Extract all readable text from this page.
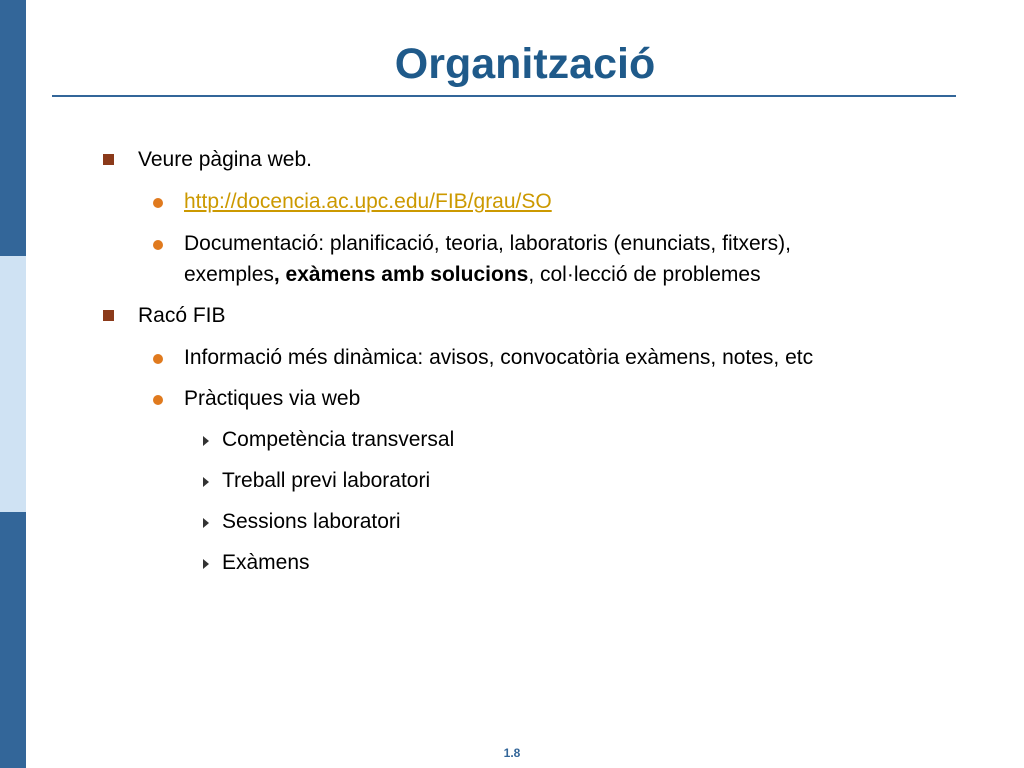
Organització
Veure pàgina web.
http://docencia.ac.upc.edu/FIB/grau/SO
Documentació: planificació, teoria, laboratoris (enunciats, fitxers),
exemples, exàmens amb solucions, col·lecció de problemes
Racó FIB
Informació més dinàmica: avisos, convocatòria exàmens, notes, etc
Pràctiques via web
Competència transversal
Treball previ laboratori
Sessions laboratori
Exàmens
1.8
